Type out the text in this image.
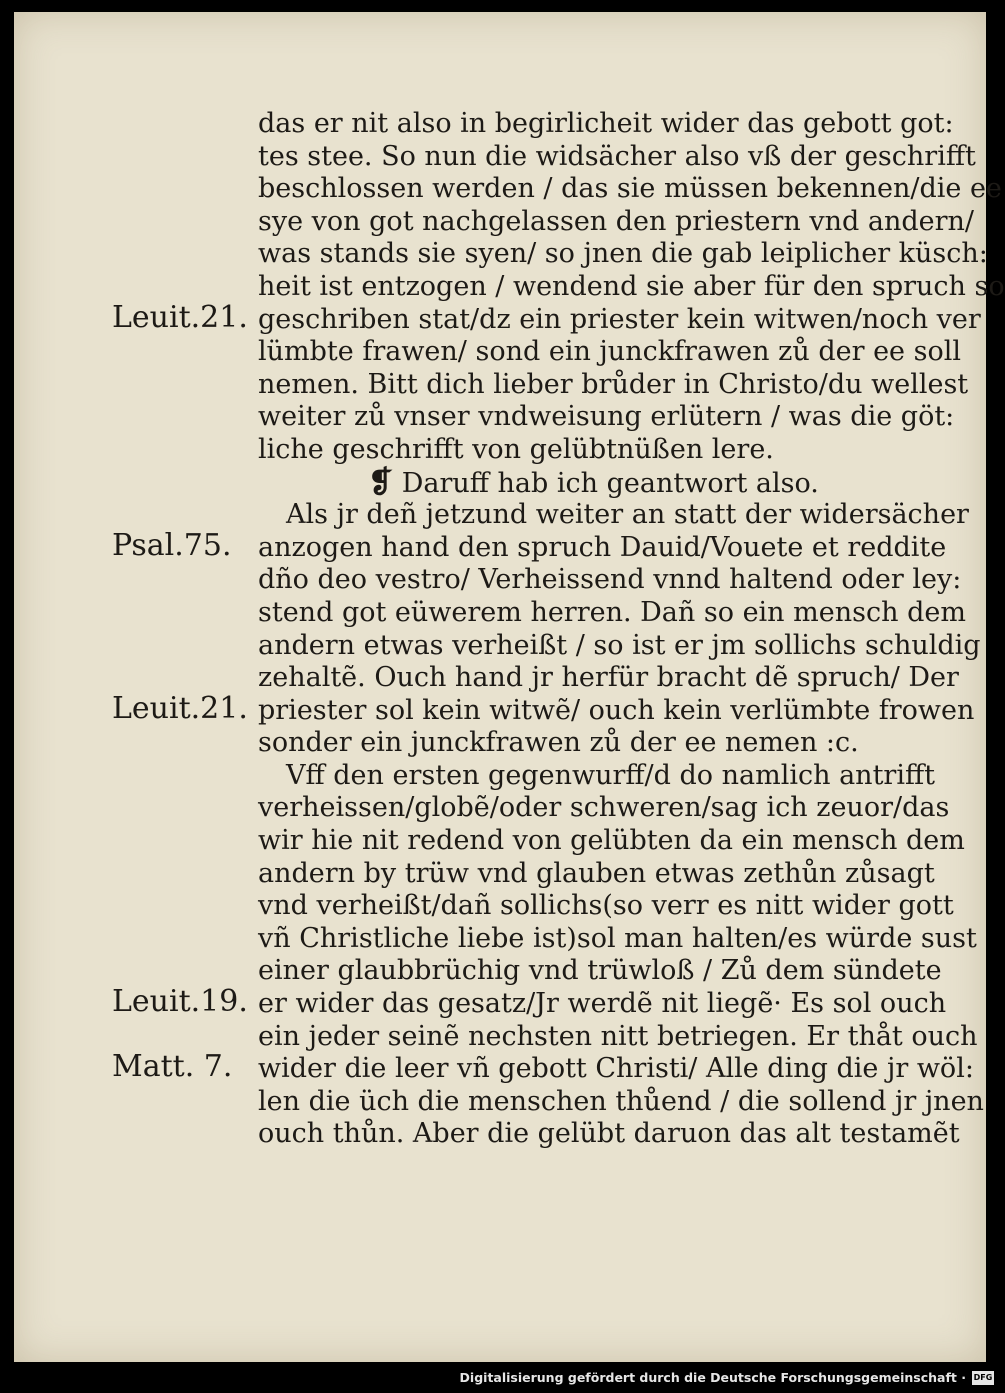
das er nit also in begirlicheit wider das gebott got:
tes stee. So nun die widsächer also vß der geschrifft
beschlossen werden / das sie müssen bekennen/die ee
sye von got nachgelassen den priestern vnd andern/
was stands sie syen/ so jnen die gab leiplicher küsch:
heit ist entzogen / wendend sie aber für den spruch so
geschriben stat/dz ein priester kein witwen/noch ver
lümbte frawen/ sond ein junckfrawen zů der ee soll
nemen. Bitt dich lieber brůder in Christo/du wellest
weiter zů vnser vndweisung erlütern / was die göt:
liche geschrifft von gelübtnüßen lere.
❡ Daruff hab ich geantwort also.
Als jr deñ jetzund weiter an statt der widersächer
anzogen hand den spruch Dauid/Vouete et reddite
dño deo vestro/ Verheissend vnnd haltend oder ley:
stend got eüwerem herren. Dañ so ein mensch dem
andern etwas verheißt / so ist er jm sollichs schuldig
zehaltẽ. Ouch hand jr herfür bracht dẽ spruch/ Der
priester sol kein witwẽ/ ouch kein verlümbte frowen
sonder ein junckfrawen zů der ee nemen :c.
Vff den ersten gegenwurff/d do namlich antrifft
verheissen/globẽ/oder schweren/sag ich zeuor/das
wir hie nit redend von gelübten da ein mensch dem
andern by trüw vnd glauben etwas zethůn zůsagt
vnd verheißt/dañ sollichs(so verr es nitt wider gott
vñ Christliche liebe ist)sol man halten/es würde sust
einer glaubbrüchig vnd trüwloß / Zů dem sündete
er wider das gesatz/Jr werdẽ nit liegẽ· Es sol ouch
ein jeder seinẽ nechsten nitt betriegen. Er thåt ouch
wider die leer vñ gebott Christi/ Alle ding die jr wöl:
len die üch die menschen thůend / die sollend jr jnen
ouch thůn. Aber die gelübt daruon das alt testamẽt
Leuit.21.
Psal.75.
Leuit.21.
Leuit.19.
Matt. 7.
Digitalisierung gefördert durch die Deutsche Forschungsgemeinschaft · DFG
